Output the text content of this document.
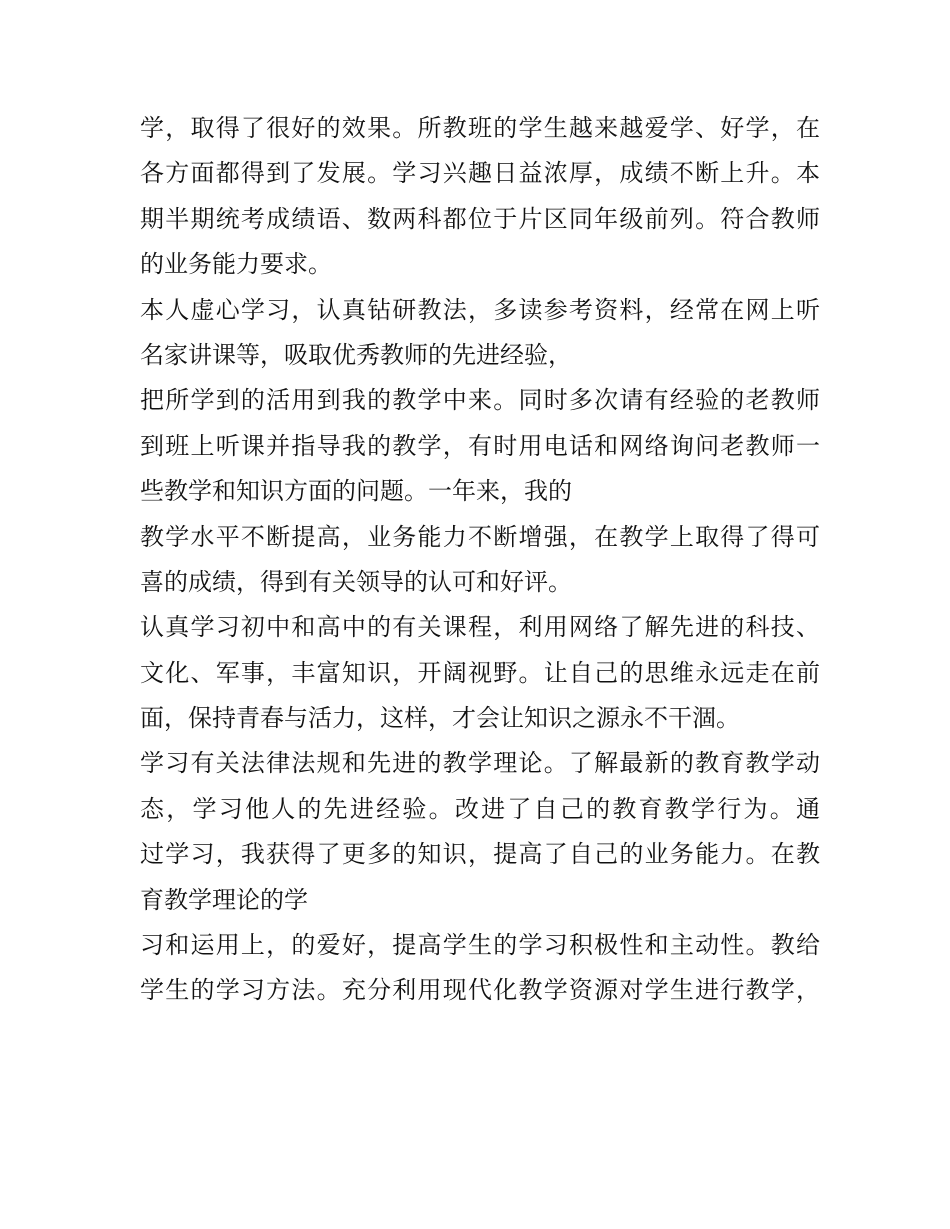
学，取得了很好的效果。所教班的学生越来越爱学、好学，在
各方面都得到了发展。学习兴趣日益浓厚，成绩不断上升。本
期半期统考成绩语、数两科都位于片区同年级前列。符合教师
的业务能力要求。
本人虚心学习，认真钻研教法，多读参考资料，经常在网上听
名家讲课等，吸取优秀教师的先进经验，
把所学到的活用到我的教学中来。同时多次请有经验的老教师
到班上听课并指导我的教学，有时用电话和网络询问老教师一
些教学和知识方面的问题。一年来，我的
教学水平不断提高，业务能力不断增强，在教学上取得了得可
喜的成绩，得到有关领导的认可和好评。
认真学习初中和高中的有关课程，利用网络了解先进的科技、
文化、军事，丰富知识，开阔视野。让自己的思维永远走在前
面，保持青春与活力，这样，才会让知识之源永不干涸。
学习有关法律法规和先进的教学理论。了解最新的教育教学动
态，学习他人的先进经验。改进了自己的教育教学行为。通
过学习，我获得了更多的知识，提高了自己的业务能力。在教
育教学理论的学
习和运用上，的爱好，提高学生的学习积极性和主动性。教给
学生的学习方法。充分利用现代化教学资源对学生进行教学，
